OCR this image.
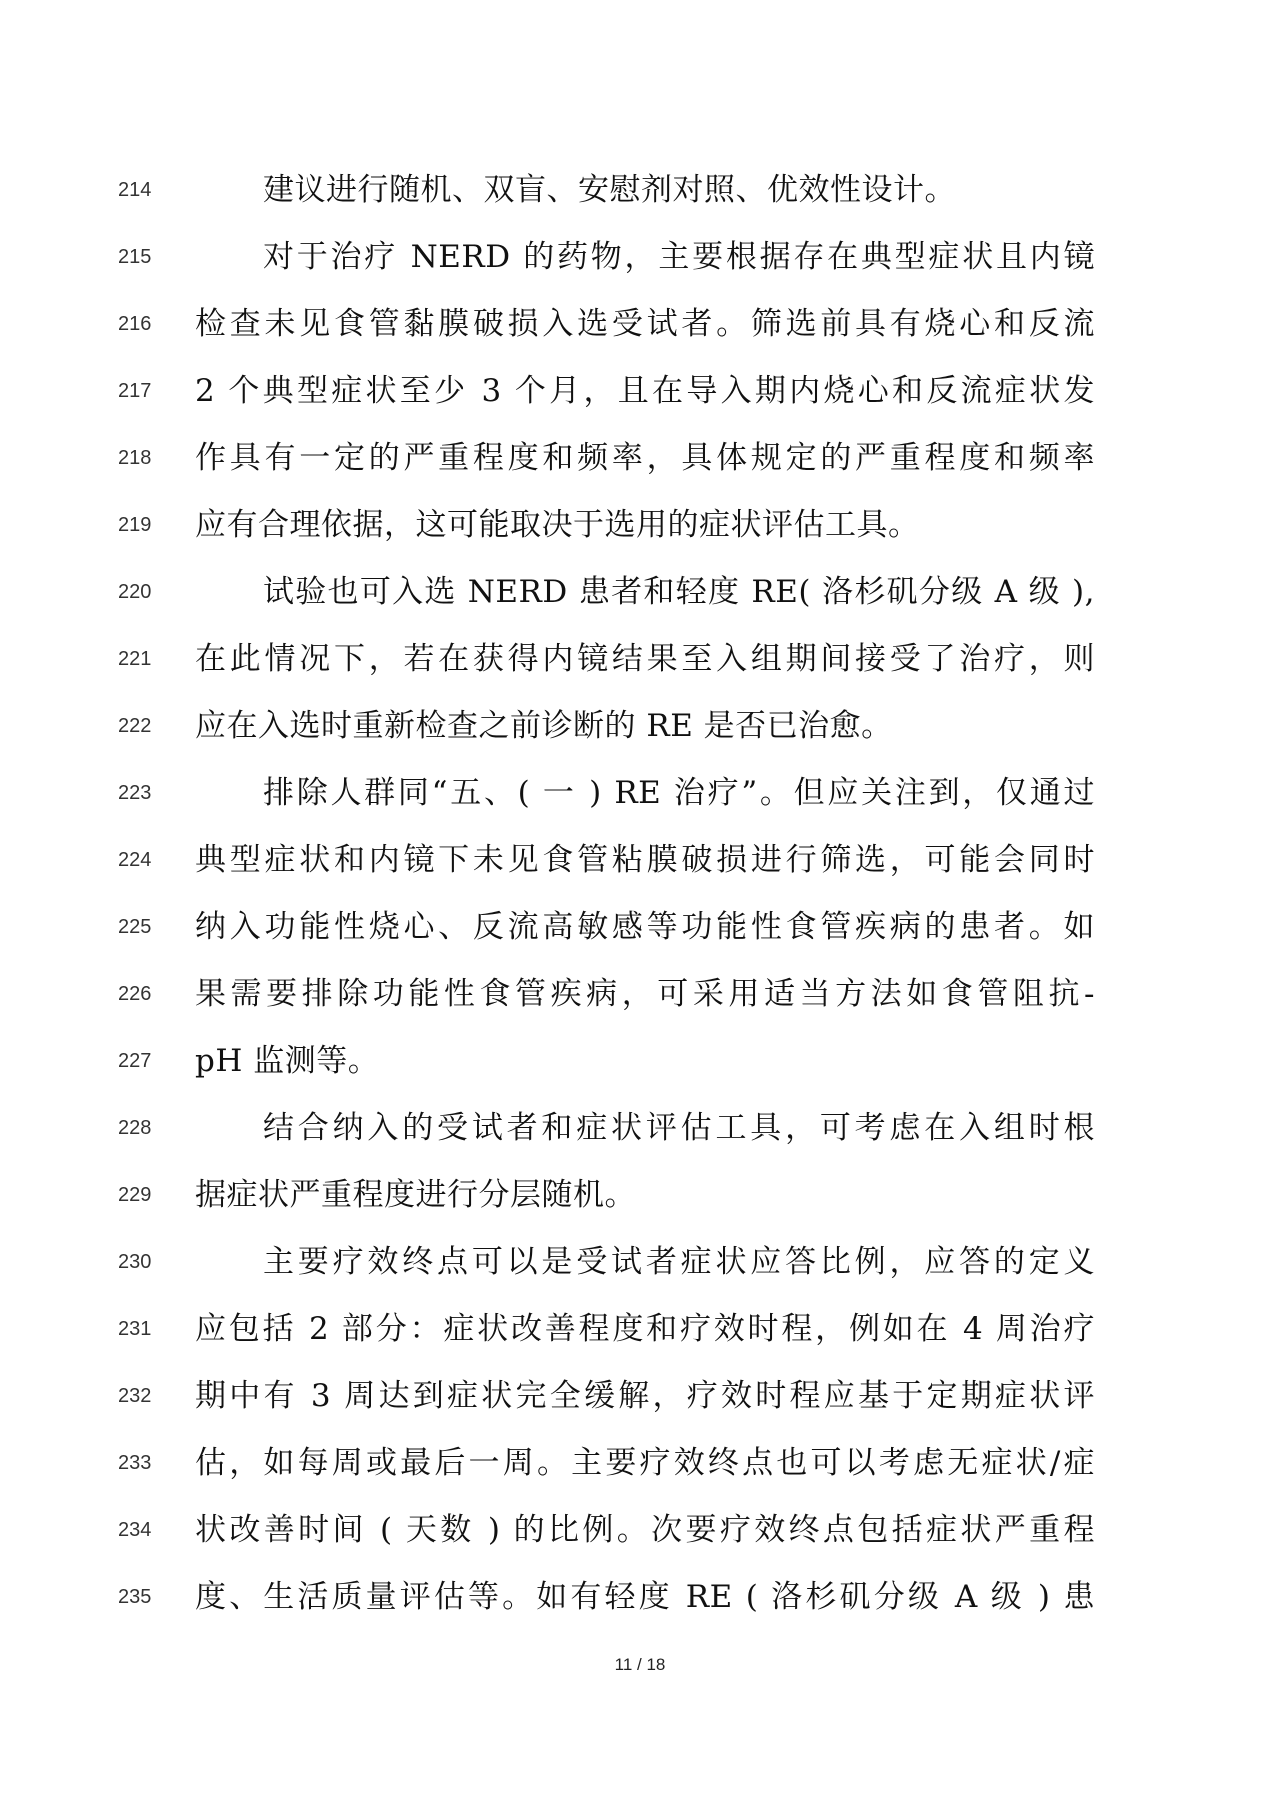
214	建议进行随机、双盲、安慰剂对照、优效性设计。
215	对于治疗 NERD 的药物，主要根据存在典型症状且内镜
216 检查未见食管黏膜破损入选受试者。筛选前具有烧心和反流
217 2 个典型症状至少 3 个月，且在导入期内烧心和反流症状发
218 作具有一定的严重程度和频率，具体规定的严重程度和频率
219 应有合理依据，这可能取决于选用的症状评估工具。
220	试验也可入选 NERD 患者和轻度 RE( 洛杉矶分级 A 级 ),
221 在此情况下，若在获得内镜结果至入组期间接受了治疗，则
222 应在入选时重新检查之前诊断的 RE 是否已治愈。
223	排除人群同“五、( 一 ) RE 治疗”。但应关注到，仅通过
224 典型症状和内镜下未见食管粘膜破损进行筛选，可能会同时
225 纳入功能性烧心、反流高敏感等功能性食管疾病的患者。如
226 果需要排除功能性食管疾病，可采用适当方法如食管阻抗-
227 pH 监测等。
228	结合纳入的受试者和症状评估工具，可考虑在入组时根
229 据症状严重程度进行分层随机。
230	主要疗效终点可以是受试者症状应答比例，应答的定义
231 应包括 2 部分：症状改善程度和疗效时程，例如在 4 周治疗
232 期中有 3 周达到症状完全缓解，疗效时程应基于定期症状评
233 估，如每周或最后一周。主要疗效终点也可以考虑无症状/症
234 状改善时间 ( 天数 ) 的比例。次要疗效终点包括症状严重程
235 度、生活质量评估等。如有轻度 RE ( 洛杉矶分级 A 级 ) 患
11 / 18
